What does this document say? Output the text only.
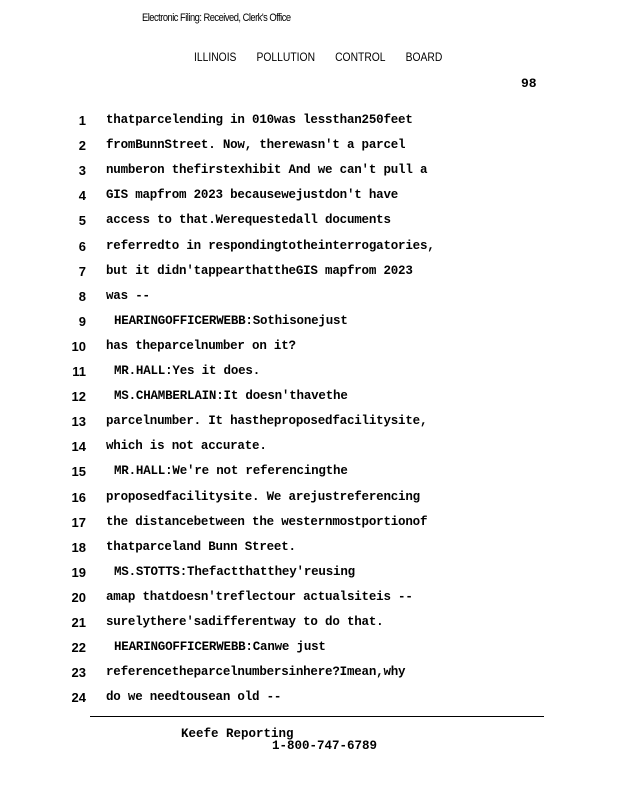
Electronic Filing: Received, Clerk's Office
ILLINOIS POLLUTION CONTROL BOARD
98
1 thatparcelending in 010was lessthan250feet
2 fromBunnStreet. Now, therewasn't a parcel
3 numberon thefirstexhibit And we can't pull a
4 GIS mapfrom 2023 becausewejustdon't have
5 access to that.Werequestedall documents
6 referredto in respondingtotheinterrogatories,
7 but it didn'tappearthattheGIS mapfrom 2023
8 was --
9 HEARINGOFFICERWEBB:Sothisonejust
10 has theparcelnumber on it?
11 MR.HALL:Yes it does.
12 MS.CHAMBERLAIN:It doesn'thavethe
13 parcelnumber. It hastheproposedfacilitysite,
14 which is not accurate.
15 MR.HALL:We're not referencingthe
16 proposedfacilitysite. We arejustreferencing
17 the distancebetween the westernmostportionof
18 thatparceland Bunn Street.
19 MS.STOTTS:Thefactthatthey'reusing
20 amap thatdoesn'treflectour actualsiteis --
21 surelythere'sadifferentway to do that.
22 HEARINGOFFICERWEBB:Canwe just
23 referencetheparcelnumbersinhere?Imean,why
24 do we needtousean old --
Keefe Reporting
1-800-747-6789
